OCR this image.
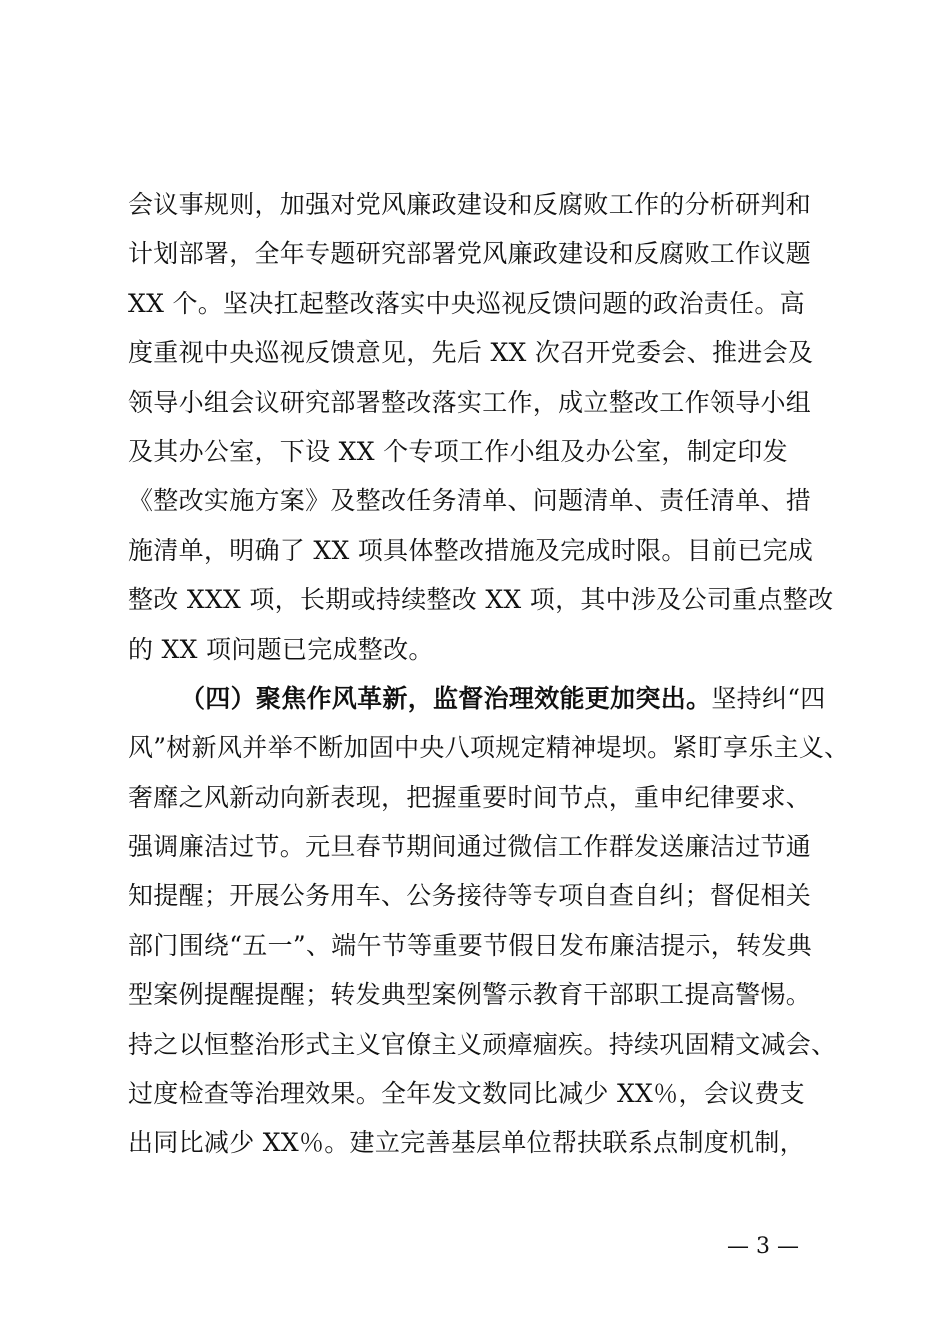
会议事规则，加强对党风廉政建设和反腐败工作的分析研判和
计划部署，全年专题研究部署党风廉政建设和反腐败工作议题
XX 个。坚决扛起整改落实中央巡视反馈问题的政治责任。高
度重视中央巡视反馈意见，先后 XX 次召开党委会、推进会及
领导小组会议研究部署整改落实工作，成立整改工作领导小组
及其办公室，下设 XX 个专项工作小组及办公室，制定印发
《整改实施方案》及整改任务清单、问题清单、责任清单、措
施清单，明确了 XX 项具体整改措施及完成时限。目前已完成
整改 XXX 项，长期或持续整改 XX 项，其中涉及公司重点整改
的 XX 项问题已完成整改。
（四）聚焦作风革新，监督治理效能更加突出。坚持纠“四
风”树新风并举不断加固中央八项规定精神堤坝。紧盯享乐主义、
奢靡之风新动向新表现，把握重要时间节点，重申纪律要求、
强调廉洁过节。元旦春节期间通过微信工作群发送廉洁过节通
知提醒；开展公务用车、公务接待等专项自查自纠；督促相关
部门围绕“五一”、端午节等重要节假日发布廉洁提示，转发典
型案例提醒提醒；转发典型案例警示教育干部职工提高警惕。
持之以恒整治形式主义官僚主义顽瘴痼疾。持续巩固精文减会、
过度检查等治理效果。全年发文数同比减少 XX％，会议费支
出同比减少 XX％。建立完善基层单位帮扶联系点制度机制，
— 3 —
